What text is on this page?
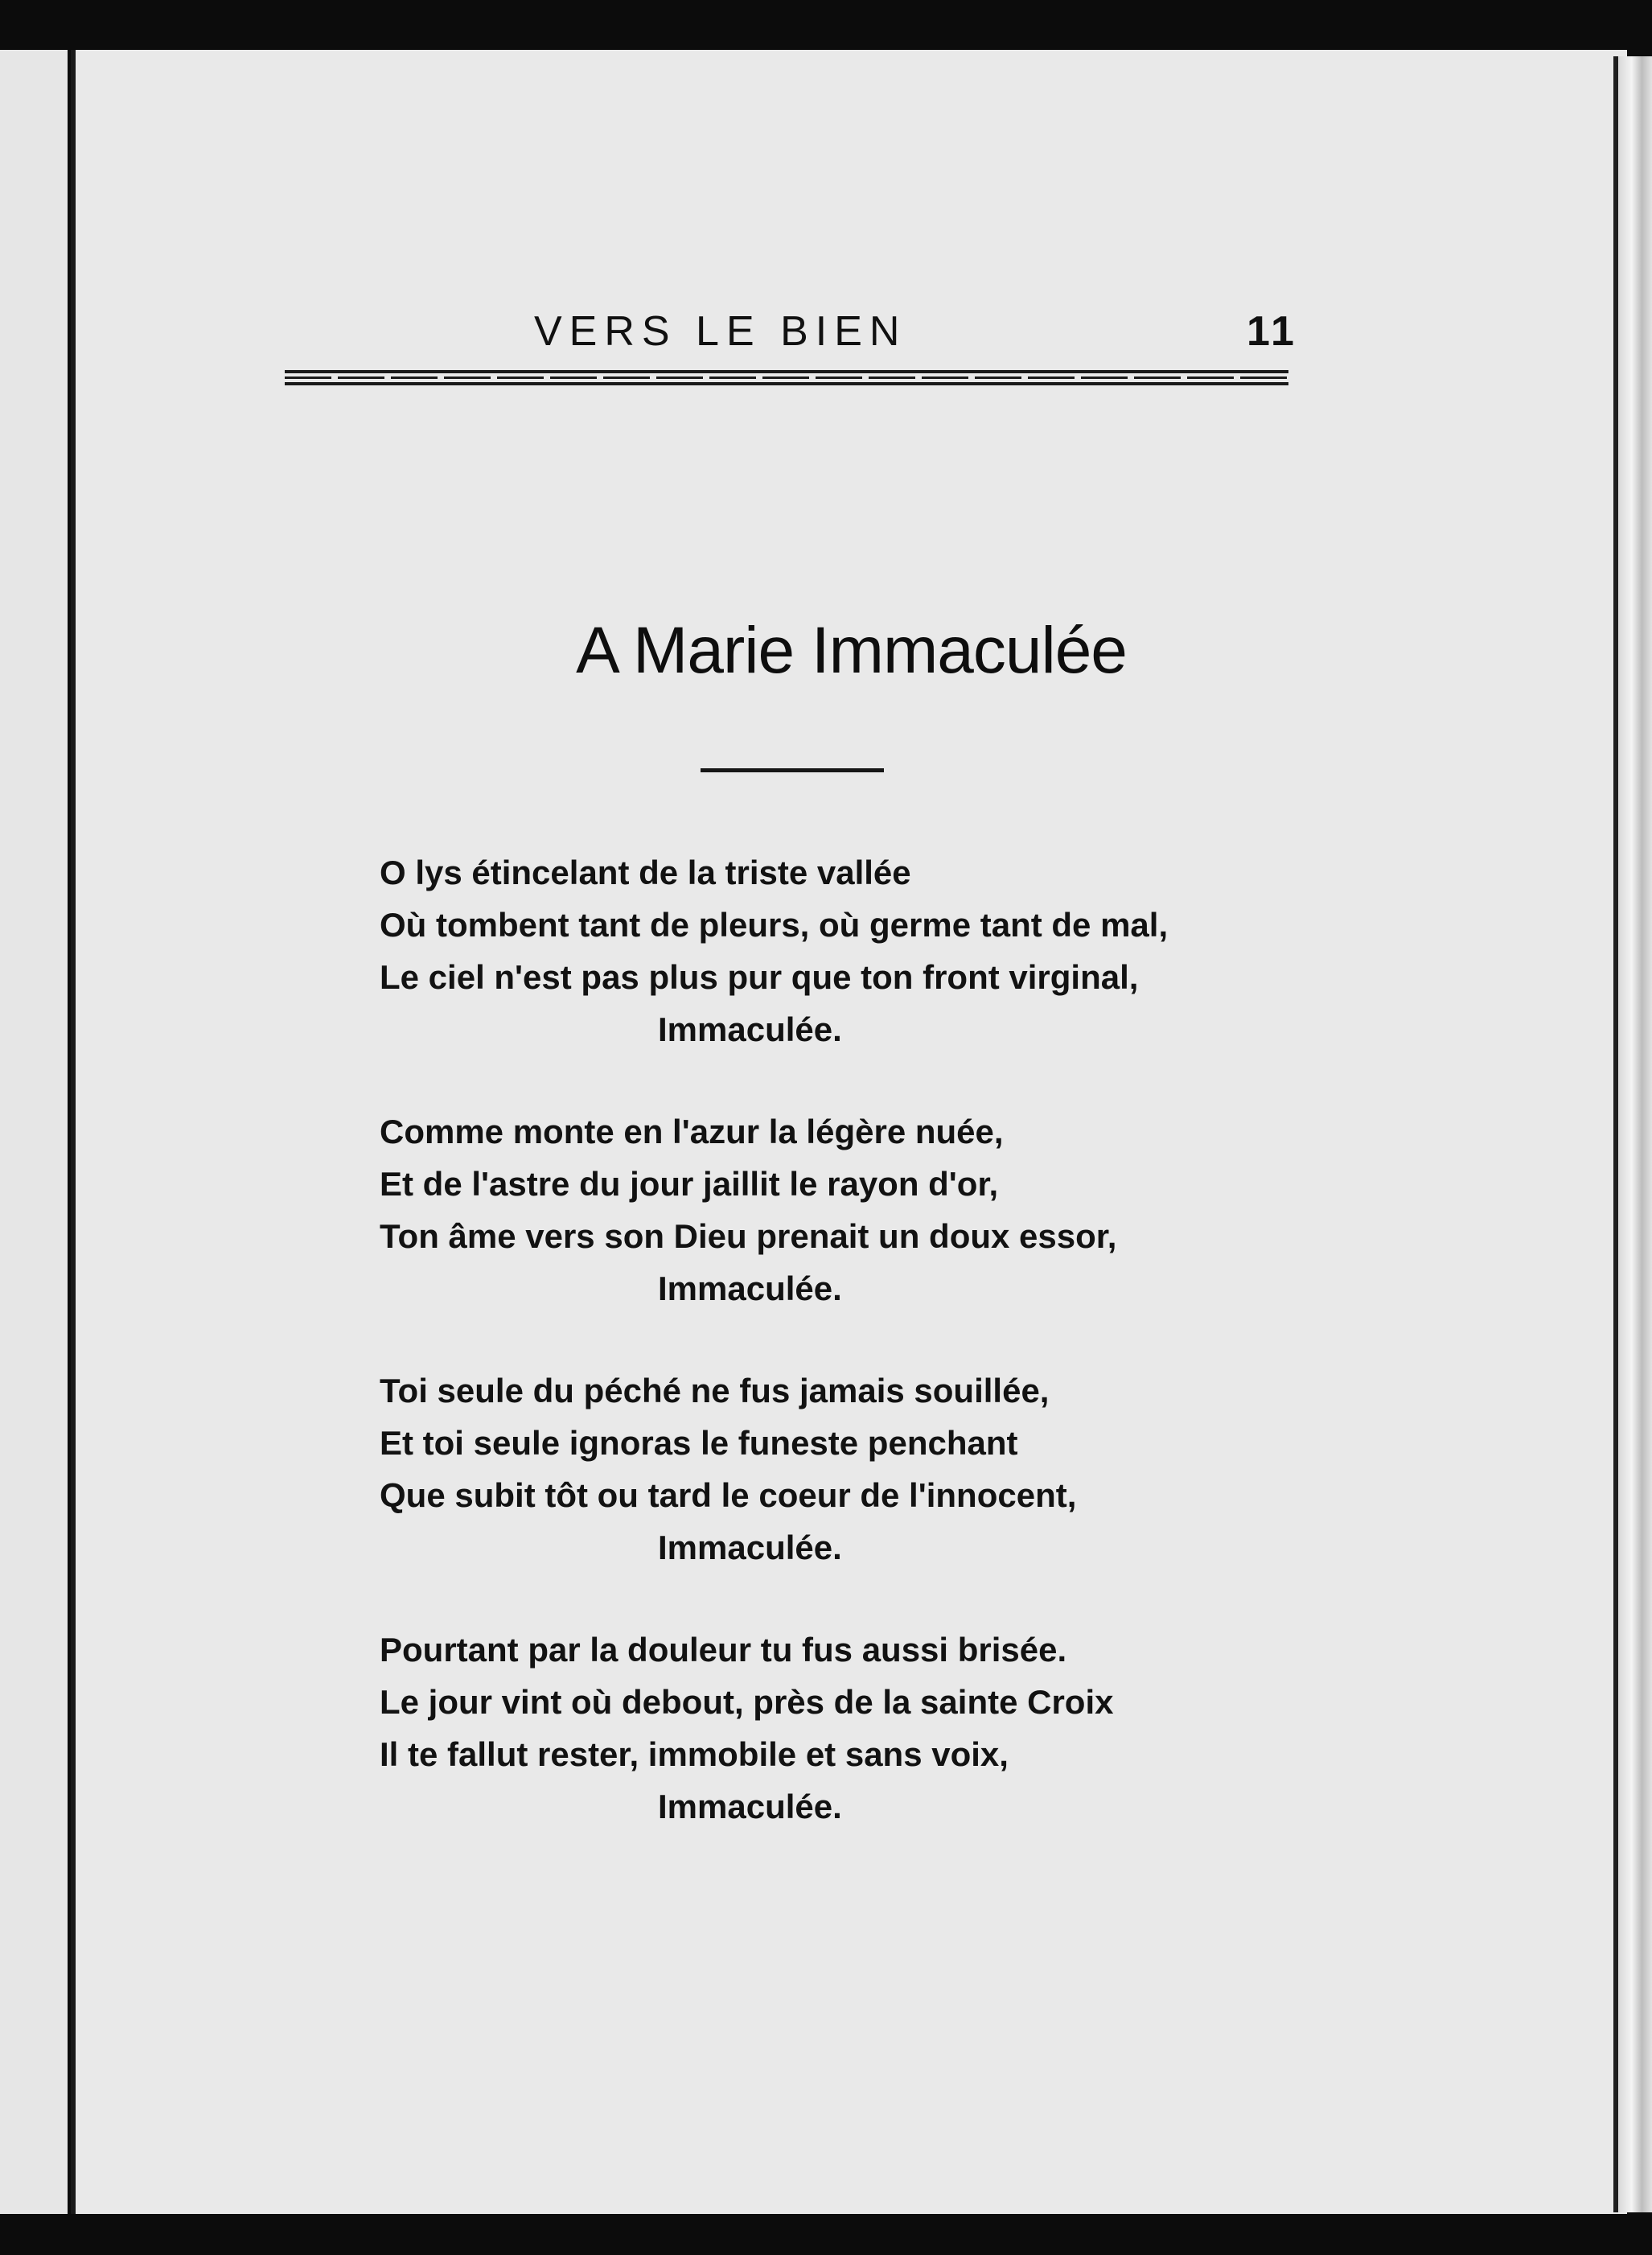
VERS LE BIEN	11
A Marie Immaculée
O lys étincelant de la triste vallée
Où tombent tant de pleurs, où germe tant de mal,
Le ciel n'est pas plus pur que ton front virginal,
Immaculée.
Comme monte en l'azur la légère nuée,
Et de l'astre du jour jaillit le rayon d'or,
Ton âme vers son Dieu prenait un doux essor,
Immaculée.
Toi seule du péché ne fus jamais souillée,
Et toi seule ignoras le funeste penchant
Que subit tôt ou tard le coeur de l'innocent,
Immaculée.
Pourtant par la douleur tu fus aussi brisée.
Le jour vint où debout, près de la sainte Croix
Il te fallut rester, immobile et sans voix,
Immaculée.
